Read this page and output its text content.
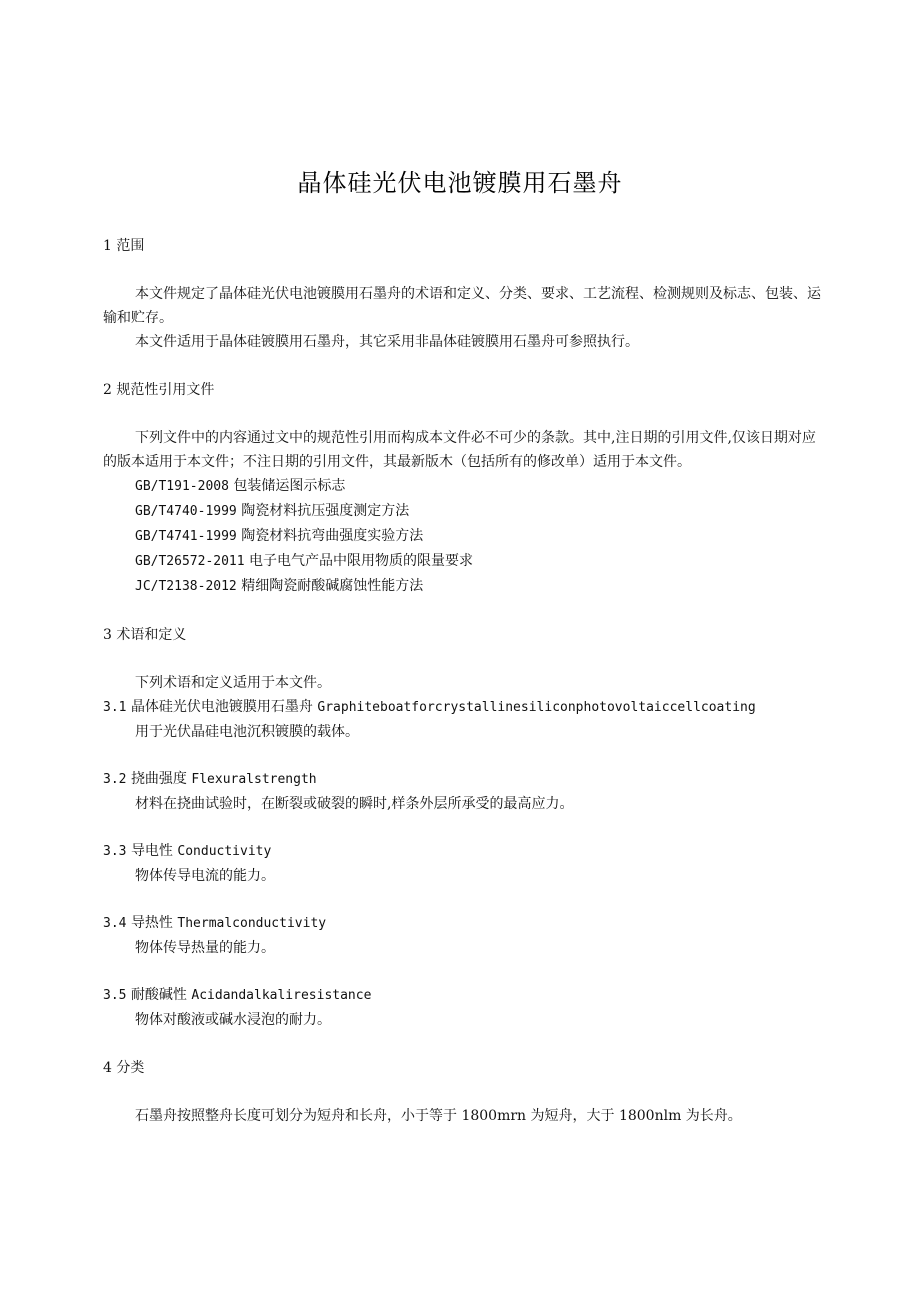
晶体硅光伏电池镀膜用石墨舟

1 范围

本文件规定了晶体硅光伏电池镀膜用石墨舟的术语和定义、分类、要求、工艺流程、检测规则及标志、包装、运输和贮存。

本文件适用于晶体硅镀膜用石墨舟，其它采用非晶体硅镀膜用石墨舟可参照执行。

2 规范性引用文件

下列文件中的内容通过文中的规范性引用而构成本文件必不可少的条款。其中,注日期的引用文件,仅该日期对应的版本适用于本文件；不注日期的引用文件，其最新版木（包括所有的修改单）适用于本文件。

GB/T191-2008 包装储运图示标志

GB/T4740-1999 陶瓷材料抗压强度测定方法

GB/T4741-1999 陶瓷材料抗弯曲强度实验方法

GB/T26572-2011 电子电气产品中限用物质的限量要求

JC/T2138-2012 精细陶瓷耐酸碱腐蚀性能方法

3 术语和定义

下列术语和定义适用于本文件。

3.1 晶体硅光伏电池镀膜用石墨舟 Graphiteboatforcrystallinesiliconphotovoltaiccellcoating

用于光伏晶硅电池沉积镀膜的载体。

3.2 挠曲强度 Flexuralstrength

材料在挠曲试验时，在断裂或破裂的瞬时,样条外层所承受的最高应力。

3.3 导电性 Conductivity

物体传导电流的能力。

3.4 导热性 Thermalconductivity

物体传导热量的能力。

3.5 耐酸碱性 Acidandalkaliresistance

物体对酸液或碱水浸泡的耐力。

4 分类

石墨舟按照整舟长度可划分为短舟和长舟，小于等于 1800mrn 为短舟，大于 1800nlm 为长舟。
